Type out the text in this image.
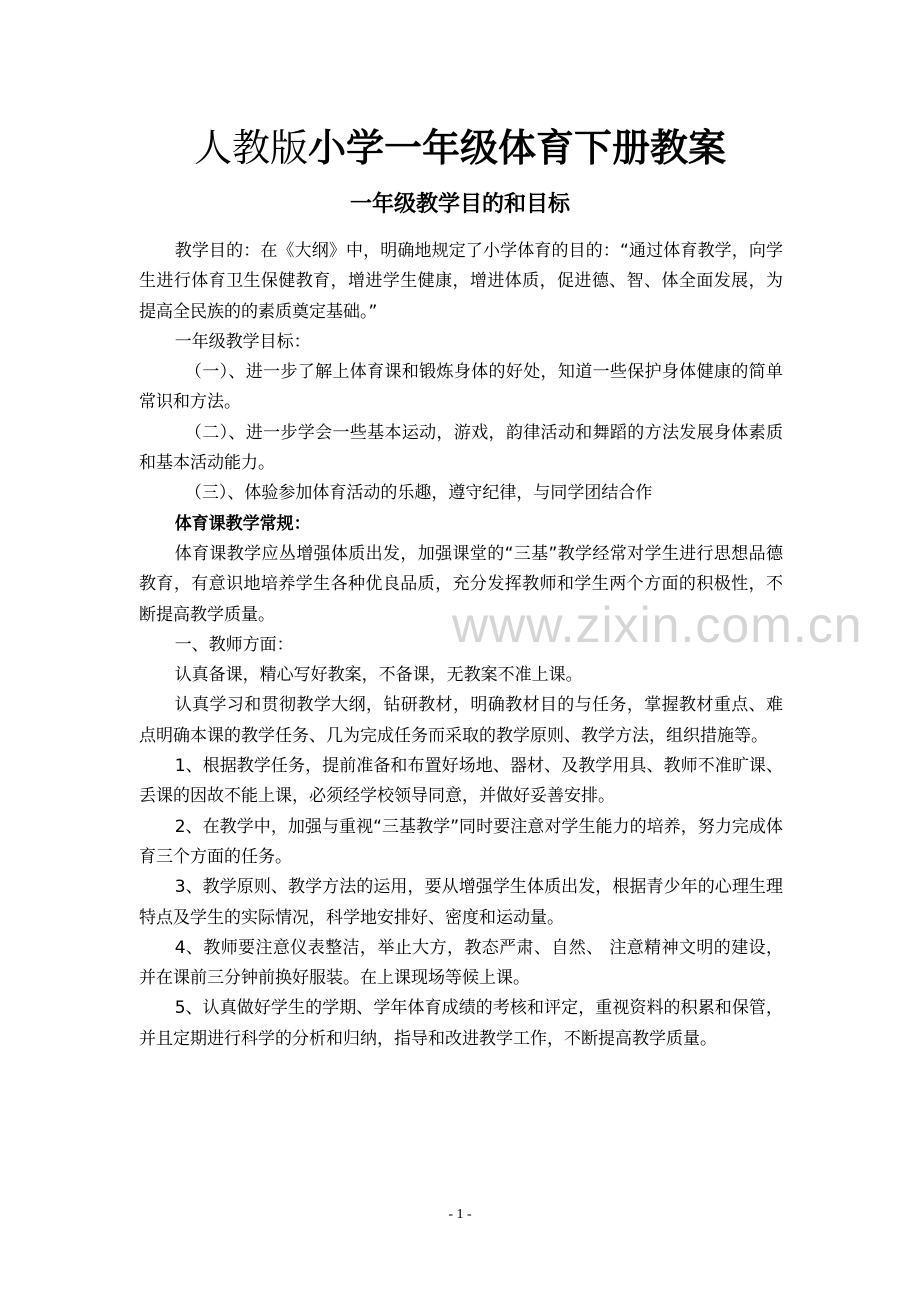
人教版小学一年级体育下册教案
一年级教学目的和目标

教学目的：在《大纲》中，明确地规定了小学体育的目的：“通过体育教学，向学生进行体育卫生保健教育，增进学生健康，增进体质，促进德、智、体全面发展，为提高全民族的的素质奠定基础。”

一年级教学目标：

（一）、进一步了解上体育课和锻炼身体的好处，知道一些保护身体健康的简单常识和方法。

（二）、进一步学会一些基本运动，游戏，韵律活动和舞蹈的方法发展身体素质和基本活动能力。

（三）、体验参加体育活动的乐趣，遵守纪律，与同学团结合作

体育课教学常规：

体育课教学应丛增强体质出发，加强课堂的“三基”教学经常对学生进行思想品德教育，有意识地培养学生各种优良品质，充分发挥教师和学生两个方面的积极性，不断提高教学质量。

一、教师方面：

认真备课，精心写好教案，不备课，无教案不准上课。

认真学习和贯彻教学大纲，钻研教材，明确教材目的与任务，掌握教材重点、难点明确本课的教学任务、几为完成任务而采取的教学原则、教学方法，组织措施等。

1、根据教学任务，提前准备和布置好场地、器材、及教学用具、教师不准旷课、丢课的因故不能上课，必须经学校领导同意，并做好妥善安排。

2、在教学中，加强与重视“三基教学”同时要注意对学生能力的培养，努力完成体育三个方面的任务。

3、教学原则、教学方法的运用，要从增强学生体质出发，根据青少年的心理生理特点及学生的实际情况，科学地安排好、密度和运动量。

4、教师要注意仪表整洁，举止大方，教态严肃、自然、 注意精神文明的建设，并在课前三分钟前换好服装。在上课现场等候上课。

5、认真做好学生的学期、学年体育成绩的考核和评定，重视资料的积累和保管，并且定期进行科学的分析和归纳，指导和改进教学工作，不断提高教学质量。

www.zixin.com.cn
- 1 -
